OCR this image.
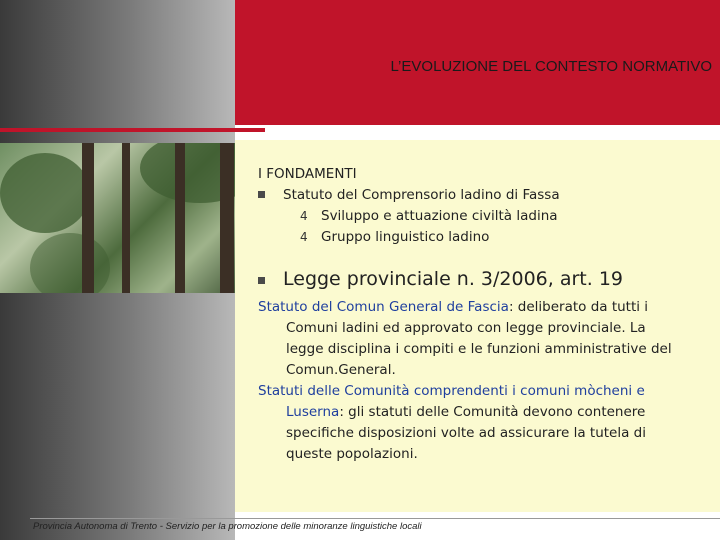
L’EVOLUZIONE DEL CONTESTO NORMATIVO
I FONDAMENTI
Statuto del Comprensorio ladino di Fassa
4 Sviluppo e attuazione civiltà ladina
4 Gruppo linguistico ladino
Legge provinciale n. 3/2006, art. 19
Statuto del Comun General de Fascia: deliberato da tutti i
Comuni ladini ed approvato con legge provinciale. La
legge disciplina i compiti e le funzioni amministrative del
Comun.General.
Statuti delle Comunità comprendenti i comuni mòcheni e
Luserna: gli statuti delle Comunità devono contenere
specifiche disposizioni volte ad assicurare la tutela di
queste popolazioni.
Provincia Autonoma di Trento - Servizio per la promozione delle minoranze linguistiche locali
